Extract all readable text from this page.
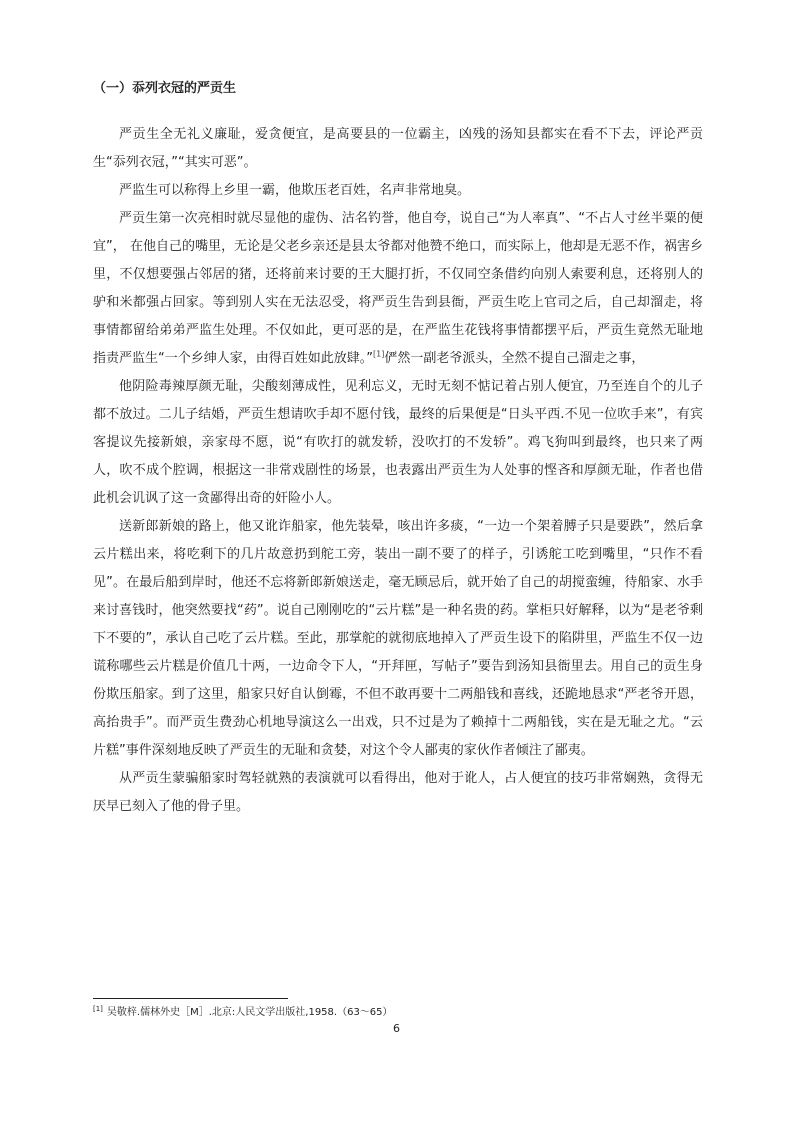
（一）忝列衣冠的严贡生

严贡生全无礼义廉耻，爱贪便宜，是高要县的一位霸主，凶残的汤知县都实在看不下去，评论严贡生“忝列衣冠，”“其实可恶”。

严监生可以称得上乡里一霸，他欺压老百姓，名声非常地臭。

严贡生第一次亮相时就尽显他的虚伪、沽名钓誉，他自夸，说自己“为人率真”、“不占人寸丝半粟的便宜”， 在他自己的嘴里，无论是父老乡亲还是县太爷都对他赞不绝口，而实际上，他却是无恶不作，祸害乡里，不仅想要强占邻居的猪，还将前来讨要的王大腿打折，不仅同空条借约向别人索要利息，还将别人的驴和米都强占回家。等到别人实在无法忍受，将严贡生告到县衙，严贡生吃上官司之后，自己却溜走，将事情都留给弟弟严监生处理。不仅如此，更可恶的是，在严监生花钱将事情都摆平后，严贡生竟然无耻地指责严监生“一个乡绅人家，由得百姓如此放肆。”[1]俨然一副老爷派头，全然不提自己溜走之事，

他阴险毒辣厚颜无耻，尖酸刻薄成性，见利忘义，无时无刻不惦记着占别人便宜，乃至连自个的儿子都不放过。二儿子结婚，严贡生想请吹手却不愿付钱，最终的后果便是“日头平西.不见一位吹手来”，有宾客提议先接新娘，亲家母不愿，说“有吹打的就发轿，没吹打的不发轿”。鸡飞狗叫到最终，也只来了两人，吹不成个腔调，根据这一非常戏剧性的场景，也表露出严贡生为人处事的悭吝和厚颜无耻，作者也借此机会讥讽了这一贪鄙得出奇的奸险小人。

送新郎新娘的路上，他又讹诈船家，他先装晕，咳出许多痰，“一边一个架着膊子只是要跌”，然后拿云片糕出来，将吃剩下的几片故意扔到舵工旁，装出一副不要了的样子，引诱舵工吃到嘴里，“只作不看见”。在最后船到岸时，他还不忘将新郎新娘送走，毫无顾忌后，就开始了自己的胡搅蛮缠，待船家、水手来讨喜钱时，他突然要找“药”。说自己刚刚吃的“云片糕”是一种名贵的药。掌柜只好解释，以为“是老爷剩下不要的”，承认自己吃了云片糕。至此，那掌舵的就彻底地掉入了严贡生设下的陷阱里，严监生不仅一边谎称哪些云片糕是价值几十两，一边命令下人，“开拜匣，写帖子”要告到汤知县衙里去。用自己的贡生身份欺压船家。到了这里，船家只好自认倒霉，不但不敢再要十二两船钱和喜线，还跪地恳求“严老爷开恩，高抬贵手”。而严贡生费劲心机地导演这么一出戏，只不过是为了赖掉十二两船钱，实在是无耻之尤。“云片糕”事件深刻地反映了严贡生的无耻和贪婪，对这个令人鄙夷的家伙作者倾注了鄙夷。

从严贡生蒙骗船家时驾轻就熟的表演就可以看得出，他对于讹人，占人便宜的技巧非常娴熟，贪得无厌早已刻入了他的骨子里。

[1] 吴敬梓.儒林外史［M］.北京:人民文学出版社,1958.（63～65）

6
